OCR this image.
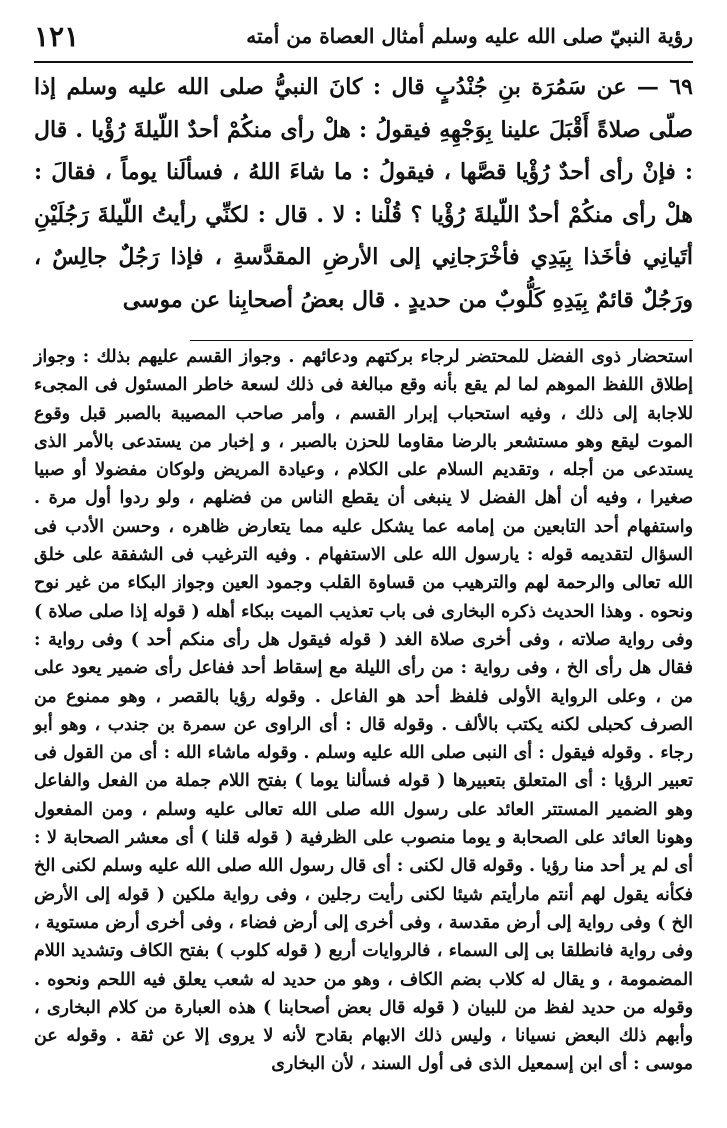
رؤية النبيّ صلى الله عليه وسلم أمثال العصاة من أمته
١٢١

٦٩ — عن سَمُرَة بنِ جُنْدُبٍ قال : كانَ النبيُّ صلى الله عليه وسلم إذا صلّى صلاةً أَقْبَلَ علينا بِوَجْهِهِ فيقولُ : هلْ رأى منكُمْ أحدٌ اللّيلةَ رُؤْيا . قال : فإنْ رأى أحدٌ رُؤْيا قصَّها ، فيقولُ : ما شاءَ اللهُ ، فسألَنا يوماً ، فقالَ : هلْ رأى منكُمْ أحدٌ اللّيلةَ رُؤْيا ؟ قُلْنا : لا . قال : لكنِّي رأيتُ اللّيلةَ رَجُلَيْنِ أتَيانِي فأخَذا بِيَدِي فأخْرَجانِي إلى الأرضِ المقدَّسةِ ، فإذا رَجُلٌ جالِسٌ ، ورَجُلٌ قائمٌ بِيَدِهِ كَلُّوبٌ من حديدٍ . قال بعضُ أصحابِنا عن موسى

استحضار ذوى الفضل للمحتضر لرجاء بركتهم ودعائهم . وجواز القسم عليهم بذلك : وجواز إطلاق اللفظ الموهم لما لم يقع بأنه وقع مبالغة فى ذلك لسعة خاطر المسئول فى المجىء للاجابة إلى ذلك ، وفيه استحباب إبرار القسم ، وأمر صاحب المصيبة بالصبر قبل وقوع الموت ليقع وهو مستشعر بالرضا مقاوما للحزن بالصبر ، و إخبار من يستدعى بالأمر الذى يستدعى من أجله ، وتقديم السلام على الكلام ، وعيادة المريض ولوكان مفضولا أو صبيا صغيرا ، وفيه أن أهل الفضل لا ينبغى أن يقطع الناس من فضلهم ، ولو ردوا أول مرة . واستفهام أحد التابعين من إمامه عما يشكل عليه مما يتعارض ظاهره ، وحسن الأدب فى السؤال لتقديمه قوله : يارسول الله على الاستفهام . وفيه الترغيب فى الشفقة على خلق الله تعالى والرحمة لهم والترهيب من قساوة القلب وجمود العين وجواز البكاء من غير نوح ونحوه . وهذا الحديث ذكره البخارى فى باب تعذيب الميت ببكاء أهله ( قوله إذا صلى صلاة ) وفى رواية صلاته ، وفى أخرى صلاة الغد ( قوله فيقول هل رأى منكم أحد ) وفى رواية : فقال هل رأى الخ ، وفى رواية : من رأى الليلة مع إسقاط أحد ففاعل رأى ضمير يعود على من ، وعلى الرواية الأولى فلفظ أحد هو الفاعل . وقوله رؤيا بالقصر ، وهو ممنوع من الصرف كحبلى لكنه يكتب بالألف . وقوله قال : أى الراوى عن سمرة بن جندب ، وهو أبو رجاء . وقوله فيقول : أى النبى صلى الله عليه وسلم . وقوله ماشاء الله : أى من القول فى تعبير الرؤيا : أى المتعلق بتعبيرها ( قوله فسألنا يوما ) بفتح اللام جملة من الفعل والفاعل وهو الضمير المستتر العائد على رسول الله صلى الله تعالى عليه وسلم ، ومن المفعول وهونا العائد على الصحابة و يوما منصوب على الظرفية ( قوله قلنا ) أى معشر الصحابة لا : أى لم ير أحد منا رؤيا . وقوله قال لكنى : أى قال رسول الله صلى الله عليه وسلم لكنى الخ فكأنه يقول لهم أنتم مارأيتم شيئا لكنى رأيت رجلين ، وفى رواية ملكين ( قوله إلى الأرض الخ ) وفى رواية إلى أرض مقدسة ، وفى أخرى إلى أرض فضاء ، وفى أخرى أرض مستوية ، وفى رواية فانطلقا بى إلى السماء ، فالروايات أربع ( قوله كلوب ) بفتح الكاف وتشديد اللام المضمومة ، و يقال له كلاب بضم الكاف ، وهو من حديد له شعب يعلق فيه اللحم ونحوه . وقوله من حديد لفظ من للبيان ( قوله قال بعض أصحابنا ) هذه العبارة من كلام البخارى ، وأبهم ذلك البعض نسيانا ، وليس ذلك الابهام بقادح لأنه لا يروى إلا عن ثقة . وقوله عن موسى : أى ابن إسمعيل الذى فى أول السند ، لأن البخارى
